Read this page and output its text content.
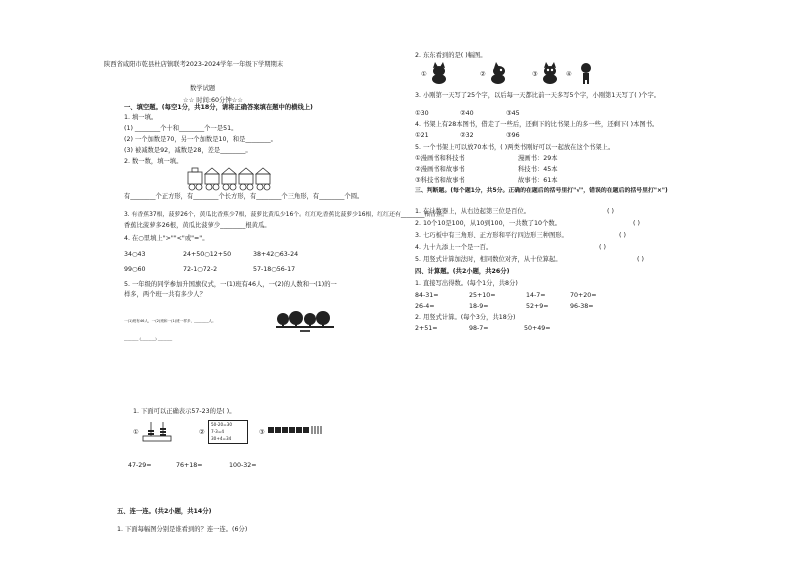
陕西省咸阳市乾县杜店镇联考2023-2024学年一年级下学期期末
数学试题
☆☆ 时间:60分钟☆☆
一、填空题。(每空1分，共18分，请将正确答案填在题中的横线上)
1. 填一填。
(1) ________个十和________个一是51。
(2) 一个加数是70，另一个加数是10，和是________。
(3) 被减数是92，减数是28，差是________。
2. 数一数，填一填。
有________个正方形，有________个长方形，有________个三角形，有________个圆。
3. 有香蕉37根，菠萝26个，黄瓜比香蕉少7根，菠萝比黄瓜少16个。红红吃香蕉比菠萝少16根，红红还有________根香蕉。
香蕉比菠萝多26根，黄瓜比菠萝少________根黄瓜。
4. 在○里填上">""<"或"="。
34○43	24+50○12+50	38+42○63-24
99○60	72-1○72-2	57-18○56-17
5. 一年级的同学参加升国旗仪式，一(1)班有46人，一(2)的人数和一(1)的一
样多，两个班一共有多少人？
一(1)班有46人，一(2)班和一(1)班一样多，________人。
________ (________) ________
1. 下面可以正确表示57-23的是( )。
①	②
50-20=30
7-3=4
30+4=34
③
47-29=	76+18=	100-32=
五、连一连。(共2小题，共14分)
1. 下面每幅图分别是谁看到的？连一连。(6分)
2. 东东看到的是( )幅图。
①	②	③	④
3. 小刚第一天写了25个字，以后每一天都比前一天多写5个字，小刚第1天写了( )个字。
①30	②40	③45
4. 书架上有28本图书，借走了一些后，还剩下的比书架上的多一些，还剩下( )本图书。
①21	②32	③96
5. 一个书架上可以放70本书，( )两类书刚好可以一起放在这个书架上。
①漫画书和科技书	漫画书：29本
②漫画书和故事书	科技书：45本
③科技书和故事书	故事书：61本
三、判断题。(每个题1分，共5分。正确的在题后的括号里打"√"，错误的在题后的括号里打"×")
1. 在计数器上，从右边起第三位是百位。	( )
2. 10个10是100，从10到100，一共数了10个数。	( )
3. 七巧板中有三角形、正方形和平行四边形三种图形。	( )
4. 九十九添上一个是一百。	( )
5. 用竖式计算加法时，相同数位对齐，从十位算起。	( )
四、计算题。(共2小题，共26分)
1. 直接写出得数。(每个1分，共8分)
84-31=	25+10=	14-7=	70+20=
26-4=	18-9=	52+9=	96-38=
2. 用竖式计算。(每个3分，共18分)
2+51=	98-7=	50+49=
